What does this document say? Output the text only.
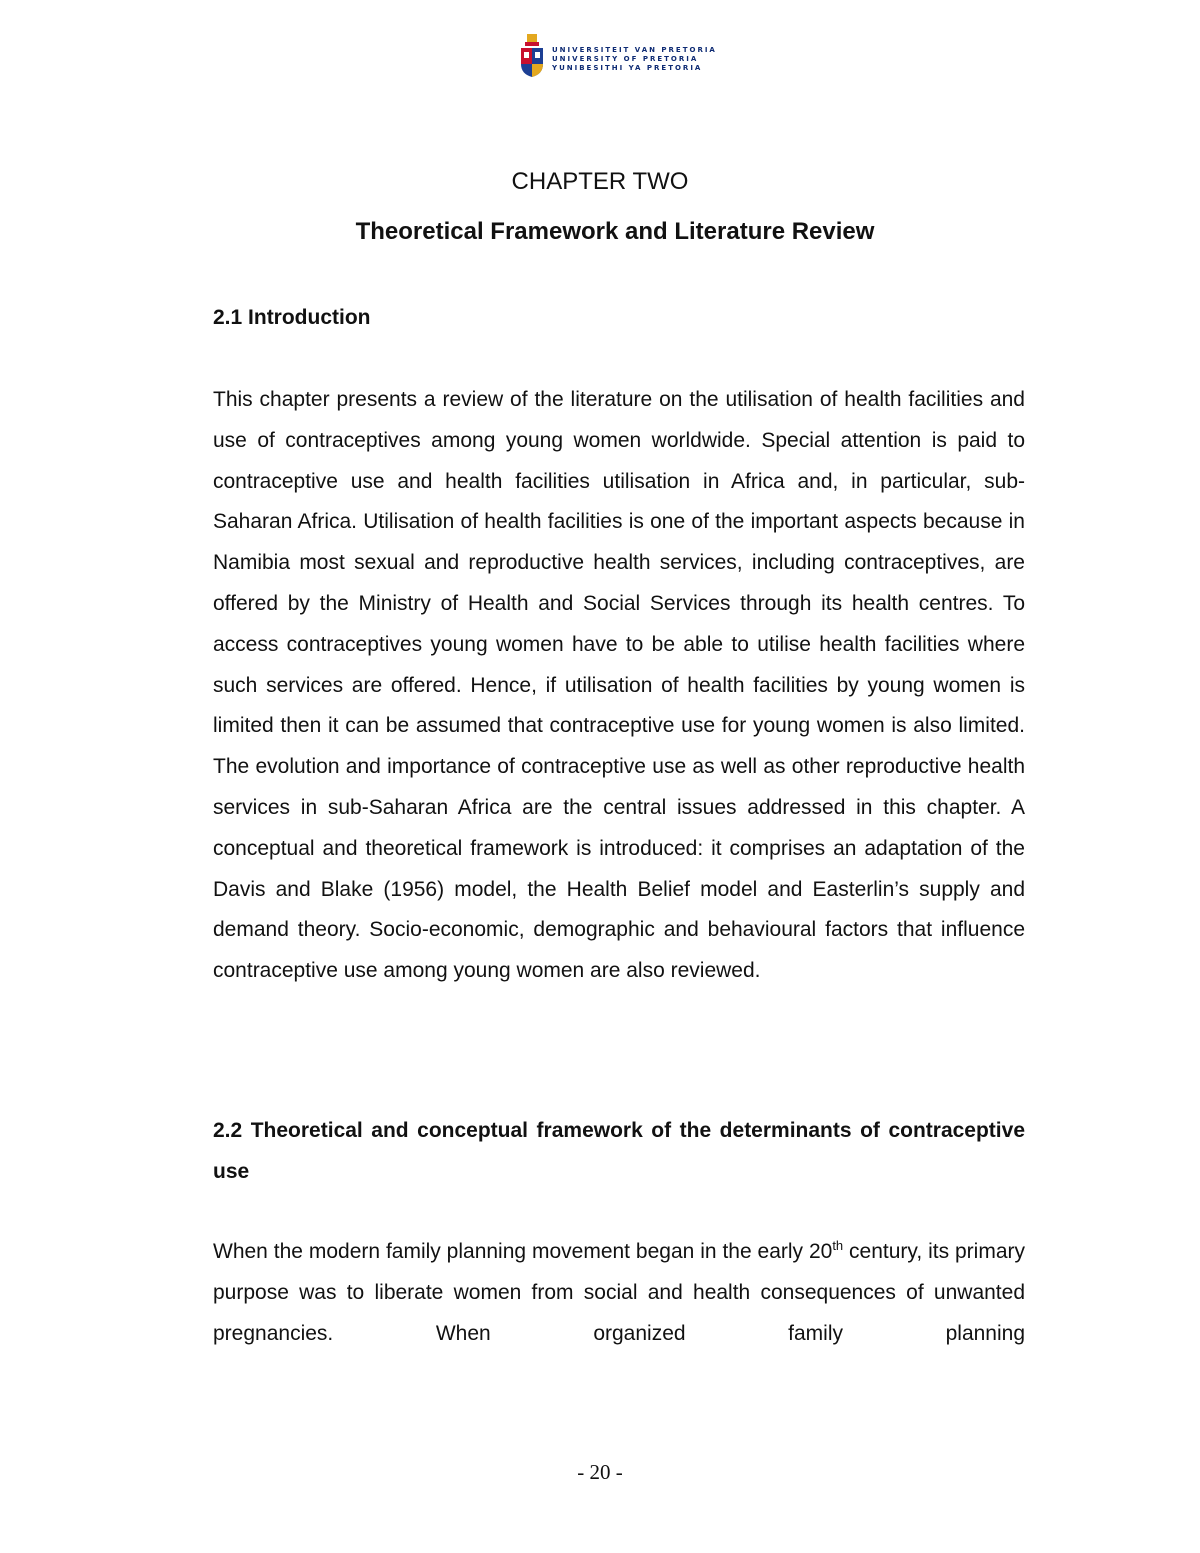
UNIVERSITEIT VAN PRETORIA
UNIVERSITY OF PRETORIA
YUNIBESITHI YA PRETORIA
CHAPTER TWO
Theoretical Framework and Literature Review
2.1 Introduction

This chapter presents a review of the literature on the utilisation of health facilities and use of contraceptives among young women worldwide. Special attention is paid to contraceptive use and health facilities utilisation in Africa and, in particular, sub-Saharan Africa. Utilisation of health facilities is one of the important aspects because in Namibia most sexual and reproductive health services, including contraceptives, are offered by the Ministry of Health and Social Services through its health centres. To access contraceptives young women have to be able to utilise health facilities where such services are offered. Hence, if utilisation of health facilities by young women is limited then it can be assumed that contraceptive use for young women is also limited. The evolution and importance of contraceptive use as well as other reproductive health services in sub-Saharan Africa are the central issues addressed in this chapter. A conceptual and theoretical framework is introduced: it comprises an adaptation of the Davis and Blake (1956) model, the Health Belief model and Easterlin’s supply and demand theory. Socio-economic, demographic and behavioural factors that influence contraceptive use among young women are also reviewed.

2.2 Theoretical and conceptual framework of the determinants of contraceptive use

When the modern family planning movement began in the early 20th century, its primary purpose was to liberate women from social and health consequences of unwanted pregnancies. When organized family planning

- 20 -
